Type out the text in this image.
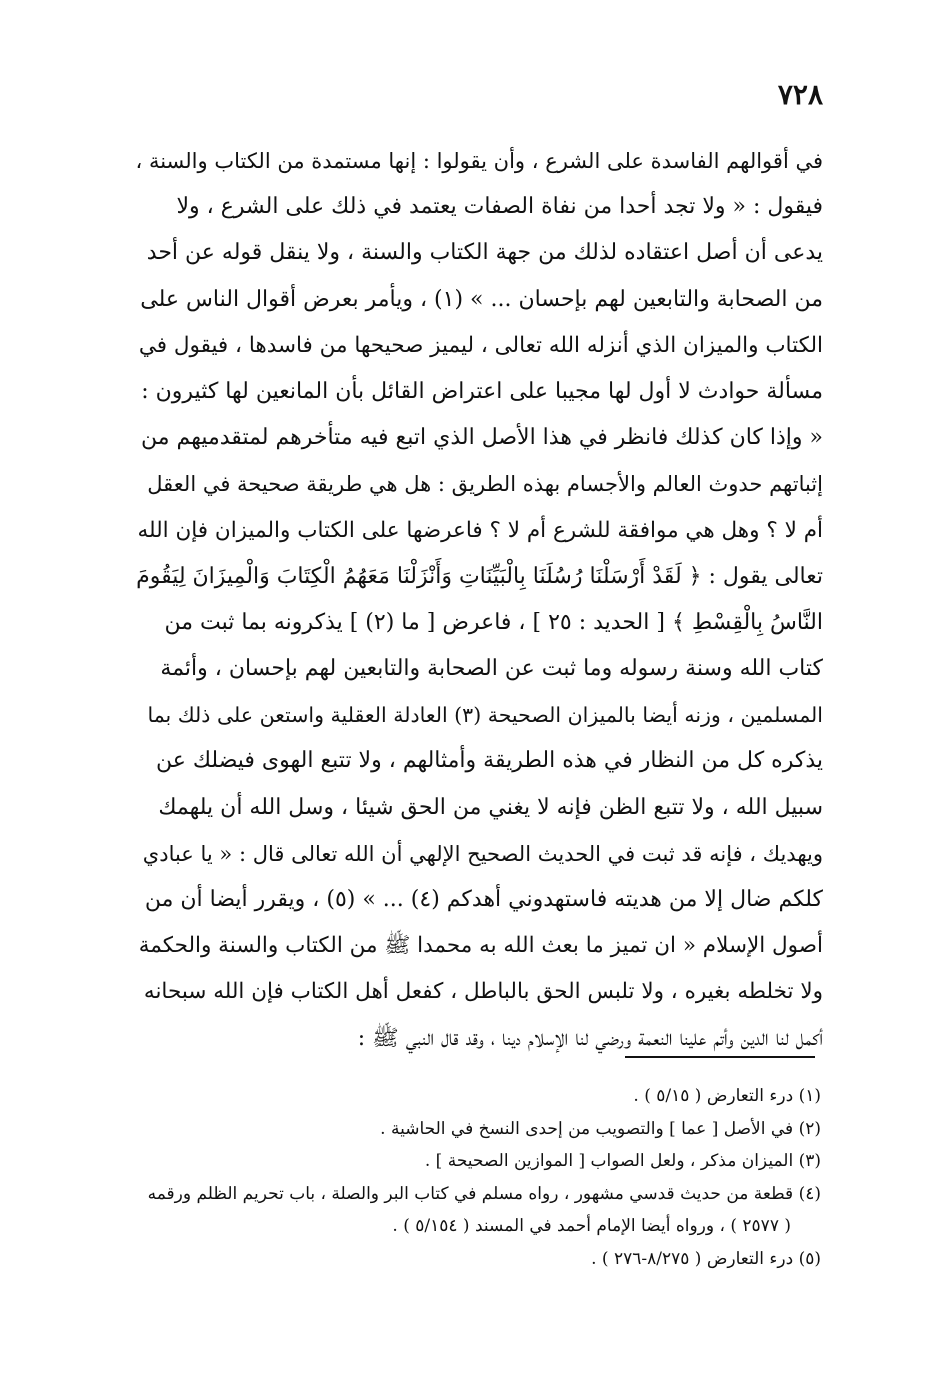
٧٢٨
في أقوالهم الفاسدة على الشرع ، وأن يقولوا : إنها مستمدة من الكتاب والسنة ،
فيقول : « ولا تجد أحدا من نفاة الصفات يعتمد في ذلك على الشرع ، ولا
يدعى أن أصل اعتقاده لذلك من جهة الكتاب والسنة ، ولا ينقل قوله عن أحد
من الصحابة والتابعين لهم بإحسان ... » (١) ، ويأمر بعرض أقوال الناس على
الكتاب والميزان الذي أنزله الله تعالى ، ليميز صحيحها من فاسدها ، فيقول في
مسألة حوادث لا أول لها مجيبا على اعتراض القائل بأن المانعين لها كثيرون :
« وإذا كان كذلك فانظر في هذا الأصل الذي اتبع فيه متأخرهم لمتقدميهم من
إثباتهم حدوث العالم والأجسام بهذه الطريق : هل هي طريقة صحيحة في العقل
أم لا ؟ وهل هي موافقة للشرع أم لا ؟ فاعرضها على الكتاب والميزان فإن الله
تعالى يقول : ﴿ لَقَدْ أَرْسَلْنَا رُسُلَنَا بِالْبَيِّنَاتِ وَأَنْزَلْنَا مَعَهُمُ الْكِتَابَ وَالْمِيزَانَ لِيَقُومَ
النَّاسُ بِالْقِسْطِ ﴾ [ الحديد : ٢٥ ] ، فاعرض [ ما (٢) ] يذكرونه بما ثبت من
كتاب الله وسنة رسوله وما ثبت عن الصحابة والتابعين لهم بإحسان ، وأئمة
المسلمين ، وزنه أيضا بالميزان الصحيحة (٣) العادلة العقلية واستعن على ذلك بما
يذكره كل من النظار في هذه الطريقة وأمثالهم ، ولا تتبع الهوى فيضلك عن
سبيل الله ، ولا تتبع الظن فإنه لا يغني من الحق شيئا ، وسل الله أن يلهمك
ويهديك ، فإنه قد ثبت في الحديث الصحيح الإلهي أن الله تعالى قال : « يا عبادي
كلكم ضال إلا من هديته فاستهدوني أهدكم (٤) ... » (٥) ، ويقرر أيضا أن من
أصول الإسلام « ان تميز ما بعث الله به محمدا ﷺ من الكتاب والسنة والحكمة
ولا تخلطه بغيره ، ولا تلبس الحق بالباطل ، كفعل أهل الكتاب فإن الله سبحانه
أكمل لنا الدين وأتم علينا النعمة ورضي لنا الإسلام دينا ، وقد قال النبي ﷺ :
(١) درء التعارض ( ٥/١٥ ) .
(٢) في الأصل [ عما ] والتصويب من إحدى النسخ في الحاشية .
(٣) الميزان مذكر ، ولعل الصواب [ الموازين الصحيحة ] .
(٤) قطعة من حديث قدسي مشهور ، رواه مسلم في كتاب البر والصلة ، باب تحريم الظلم ورقمه
( ٢٥٧٧ ) ، ورواه أيضا الإمام أحمد في المسند ( ٥/١٥٤ ) .
(٥) درء التعارض ( ٨/٢٧٥-٢٧٦ ) .
